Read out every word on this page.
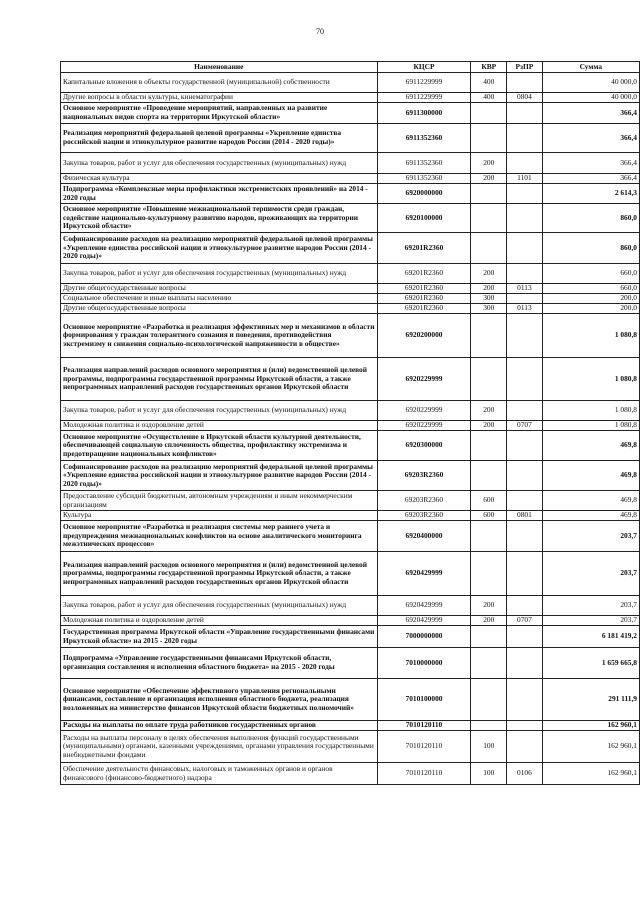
70
Наименование	КЦСР	КВР	РзПР	Сумма
Капитальные вложения в объекты государственной (муниципальной) собственности	6911229999	400		40 000,0
Другие вопросы в области культуры, кинематографии	6911229999	400	0804	40 000,0
Основное мероприятие «Проведение мероприятий, направленных на развитие национальных видов спорта на территории Иркутской области»	6911300000			366,4
Реализация мероприятий федеральной целевой программы «Укрепление единства российской нации и этнокультурное развитие народов России (2014 - 2020 годы)»	6911352360			366,4
Закупка товаров, работ и услуг для обеспечения государственных (муниципальных) нужд	6911352360	200		366,4
Физическая культура	6911352360	200	1101	366,4
Подпрограмма «Комплексные меры профилактики экстремистских проявлений» на 2014 - 2020 годы	6920000000			2 614,3
Основное мероприятие «Повышение межнациональной терпимости среди граждан, содействие национально-культурному развитию народов, проживающих на территории Иркутской области»	6920100000			860,0
Софинансирование расходов на реализацию мероприятий федеральной целевой программы «Укрепление единства российской нации и этнокультурное развитие народов России (2014 - 2020 годы)»	69201R2360			860,0
Закупка товаров, работ и услуг для обеспечения государственных (муниципальных) нужд	69201R2360	200		660,0
Другие общегосударственные вопросы	69201R2360	200	0113	660,0
Социальное обеспечение и иные выплаты населению	69201R2360	300		200,0
Другие общегосударственные вопросы	69201R2360	300	0113	200,0
Основное мероприятие «Разработка и реализация эффективных мер и механизмов в области формирования у граждан толерантного сознания и поведения, противодействия экстремизму и снижения социально-психологической напряженности в обществе»	6920200000			1 080,8
Реализация направлений расходов основного мероприятия и (или) ведомственной целевой программы, подпрограммы государственной программы Иркутской области, а также непрограммных направлений расходов государственных органов Иркутской области	6920229999			1 080,8
Закупка товаров, работ и услуг для обеспечения государственных (муниципальных) нужд	6920229999	200		1 080,8
Молодежная политика и оздоровление детей	6920229999	200	0707	1 080,8
Основное мероприятие «Осуществление в Иркутской области культурной деятельности, обеспечивающей социальную сплоченность общества, профилактику экстремизма и предотвращение национальных конфликтов»	6920300000			469,8
Софинансирование расходов на реализацию мероприятий федеральной целевой программы «Укрепление единства российской нации и этнокультурное развитие народов России (2014 - 2020 годы)»	69203R2360			469,8
Предоставление субсидий бюджетным, автономным учреждениям и иным некоммерческим организациям	69203R2360	600		469,8
Культура	69203R2360	600	0801	469,8
Основное мероприятие «Разработка и реализация системы мер раннего учета и предупреждения межнациональных конфликтов на основе аналитического мониторинга межэтнических процессов»	6920400000			203,7
Реализация направлений расходов основного мероприятия и (или) ведомственной целевой программы, подпрограммы государственной программы Иркутской области, а также непрограммных направлений расходов государственных органов Иркутской области	6920429999			203,7
Закупка товаров, работ и услуг для обеспечения государственных (муниципальных) нужд	6920429999	200		203,7
Молодежная политика и оздоровление детей	6920429999	200	0707	203,7
Государственная программа Иркутской области «Управление государственными финансами Иркутской области» на 2015 - 2020 годы	7000000000			6 181 419,2
Подпрограмма «Управление государственными финансами Иркутской области, организация составления и исполнения областного бюджета» на 2015 - 2020 годы	7010000000			1 659 665,8
Основное мероприятие «Обеспечение эффективного управления региональными финансами, составление и организация исполнения областного бюджета, реализация возложенных на министерство финансов Иркутской области бюджетных полномочий»	7010100000			291 111,9
Расходы на выплаты по оплате труда работников государственных органов	7010120110			162 960,1
Расходы на выплаты персоналу в целях обеспечения выполнения функций государственными (муниципальными) органами, казенными учреждениями, органами управления государственными внебюджетными фондами	7010120110	100		162 960,1
Обеспечение деятельности финансовых, налоговых и таможенных органов и органов финансового (финансово-бюджетного) надзора	7010120110	100	0106	162 960,1
